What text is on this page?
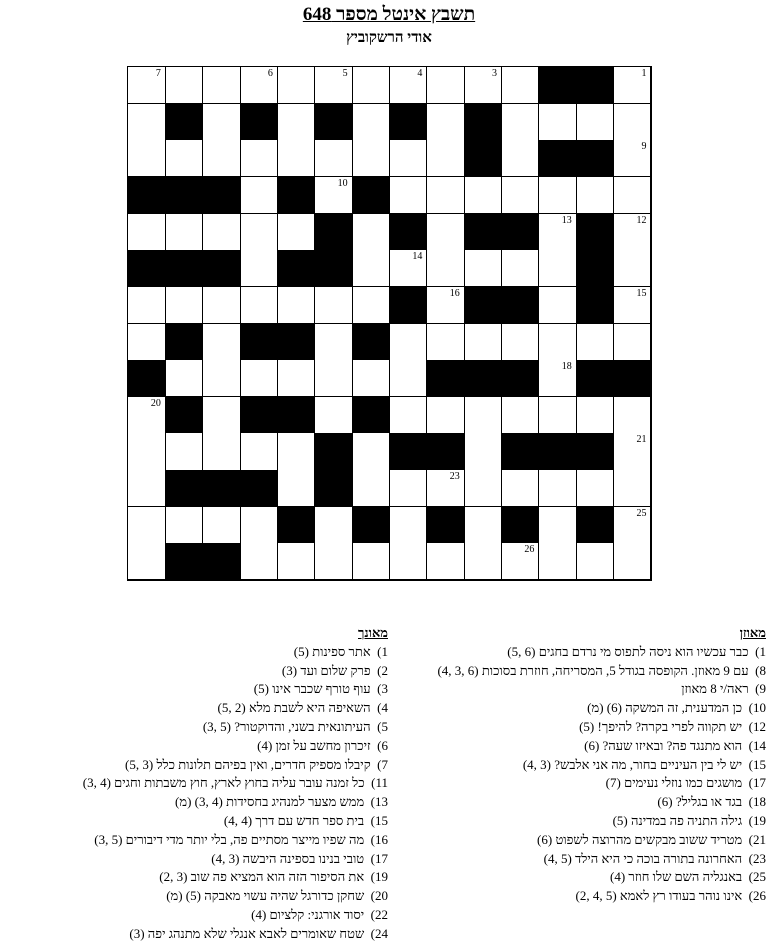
תשבץ אינטל מספר 648
אודי הרשקוביץ
1
2
3
4
5
6
7
8
9
10
11
12
13
14
15
16
17
18
19
20
21
22
23
24
25
26
מאוזן
1)  כבר עכשיו הוא ניסה לתפוס מי נרדם בחגים (6 ,5)
8)  עם 9 מאוזן. הקופסה בגודל 5, המסריחה, חוזרת בסוכות (6 ,3 ,4)
9)  ראה/י 8 מאוזן
10)  כן המדענית, זה המשקה (6) (מ)
12)  יש תקווה לפרי בקרה? להיפך! (5)
14)  הוא מתנגד פה? ובאיזו שעה? (6)
15)  יש לי בין העיניים בחור, מה אני אלבש? (3 ,4)
17)  מושגים כמו נוזלי נעימים (7)
18)  בגד או בגליל? (6)
19)  גילה התניה פה במדינה (5)
21)  מטריד ששוב מבקשים מהרוצה לשפוט (6)
23)  האחרונה בתורה בוכה כי היא הילד (5 ,4)
25)  באנגליה השם שלו חוזר (4)
26)  אינו נוהר בעודו רץ לאמא (5 ,4 ,2)
מאונך
1)  אתר ספינות (5)
2)  פרק שלום ועד (3)
3)  עוף טורף שכבר אינו (5)
4)  השאיפה היא לשבת מלא (2 ,5)
5)  העיתונאית בשני, והדוקטור? (5 ,3)
6)  זיכרון מחשב על זמן (4)
7)  קיבלו מספיק חדרים, ואין בפיהם תלונות כלל (3 ,5)
11)  כל זמנה עובר עליה בחוץ לארץ, חוץ משבתות וחגים (4 ,3)
13)  ממש מצער למנהיג בחסידות (4 ,3) (מ)
15)  בית ספר חדש עם דרך (4 ,4)
16)  מה שפיו מייצר מסתיים פה, בלי יותר מדי דיבורים (5 ,3)
17)  טובי בנינו בספינה היבשה (3 ,4)
19)  את הסיפור הזה הוא המציא פה שוב (3 ,2)
20)  שחקן כדורגל שהיה עשוי מאבקה (5) (מ)
22)  יסוד אורגני: קלציום (4)
24)  שטח שאומרים לאבא אנגלי שלא מתנהג יפה (3)
